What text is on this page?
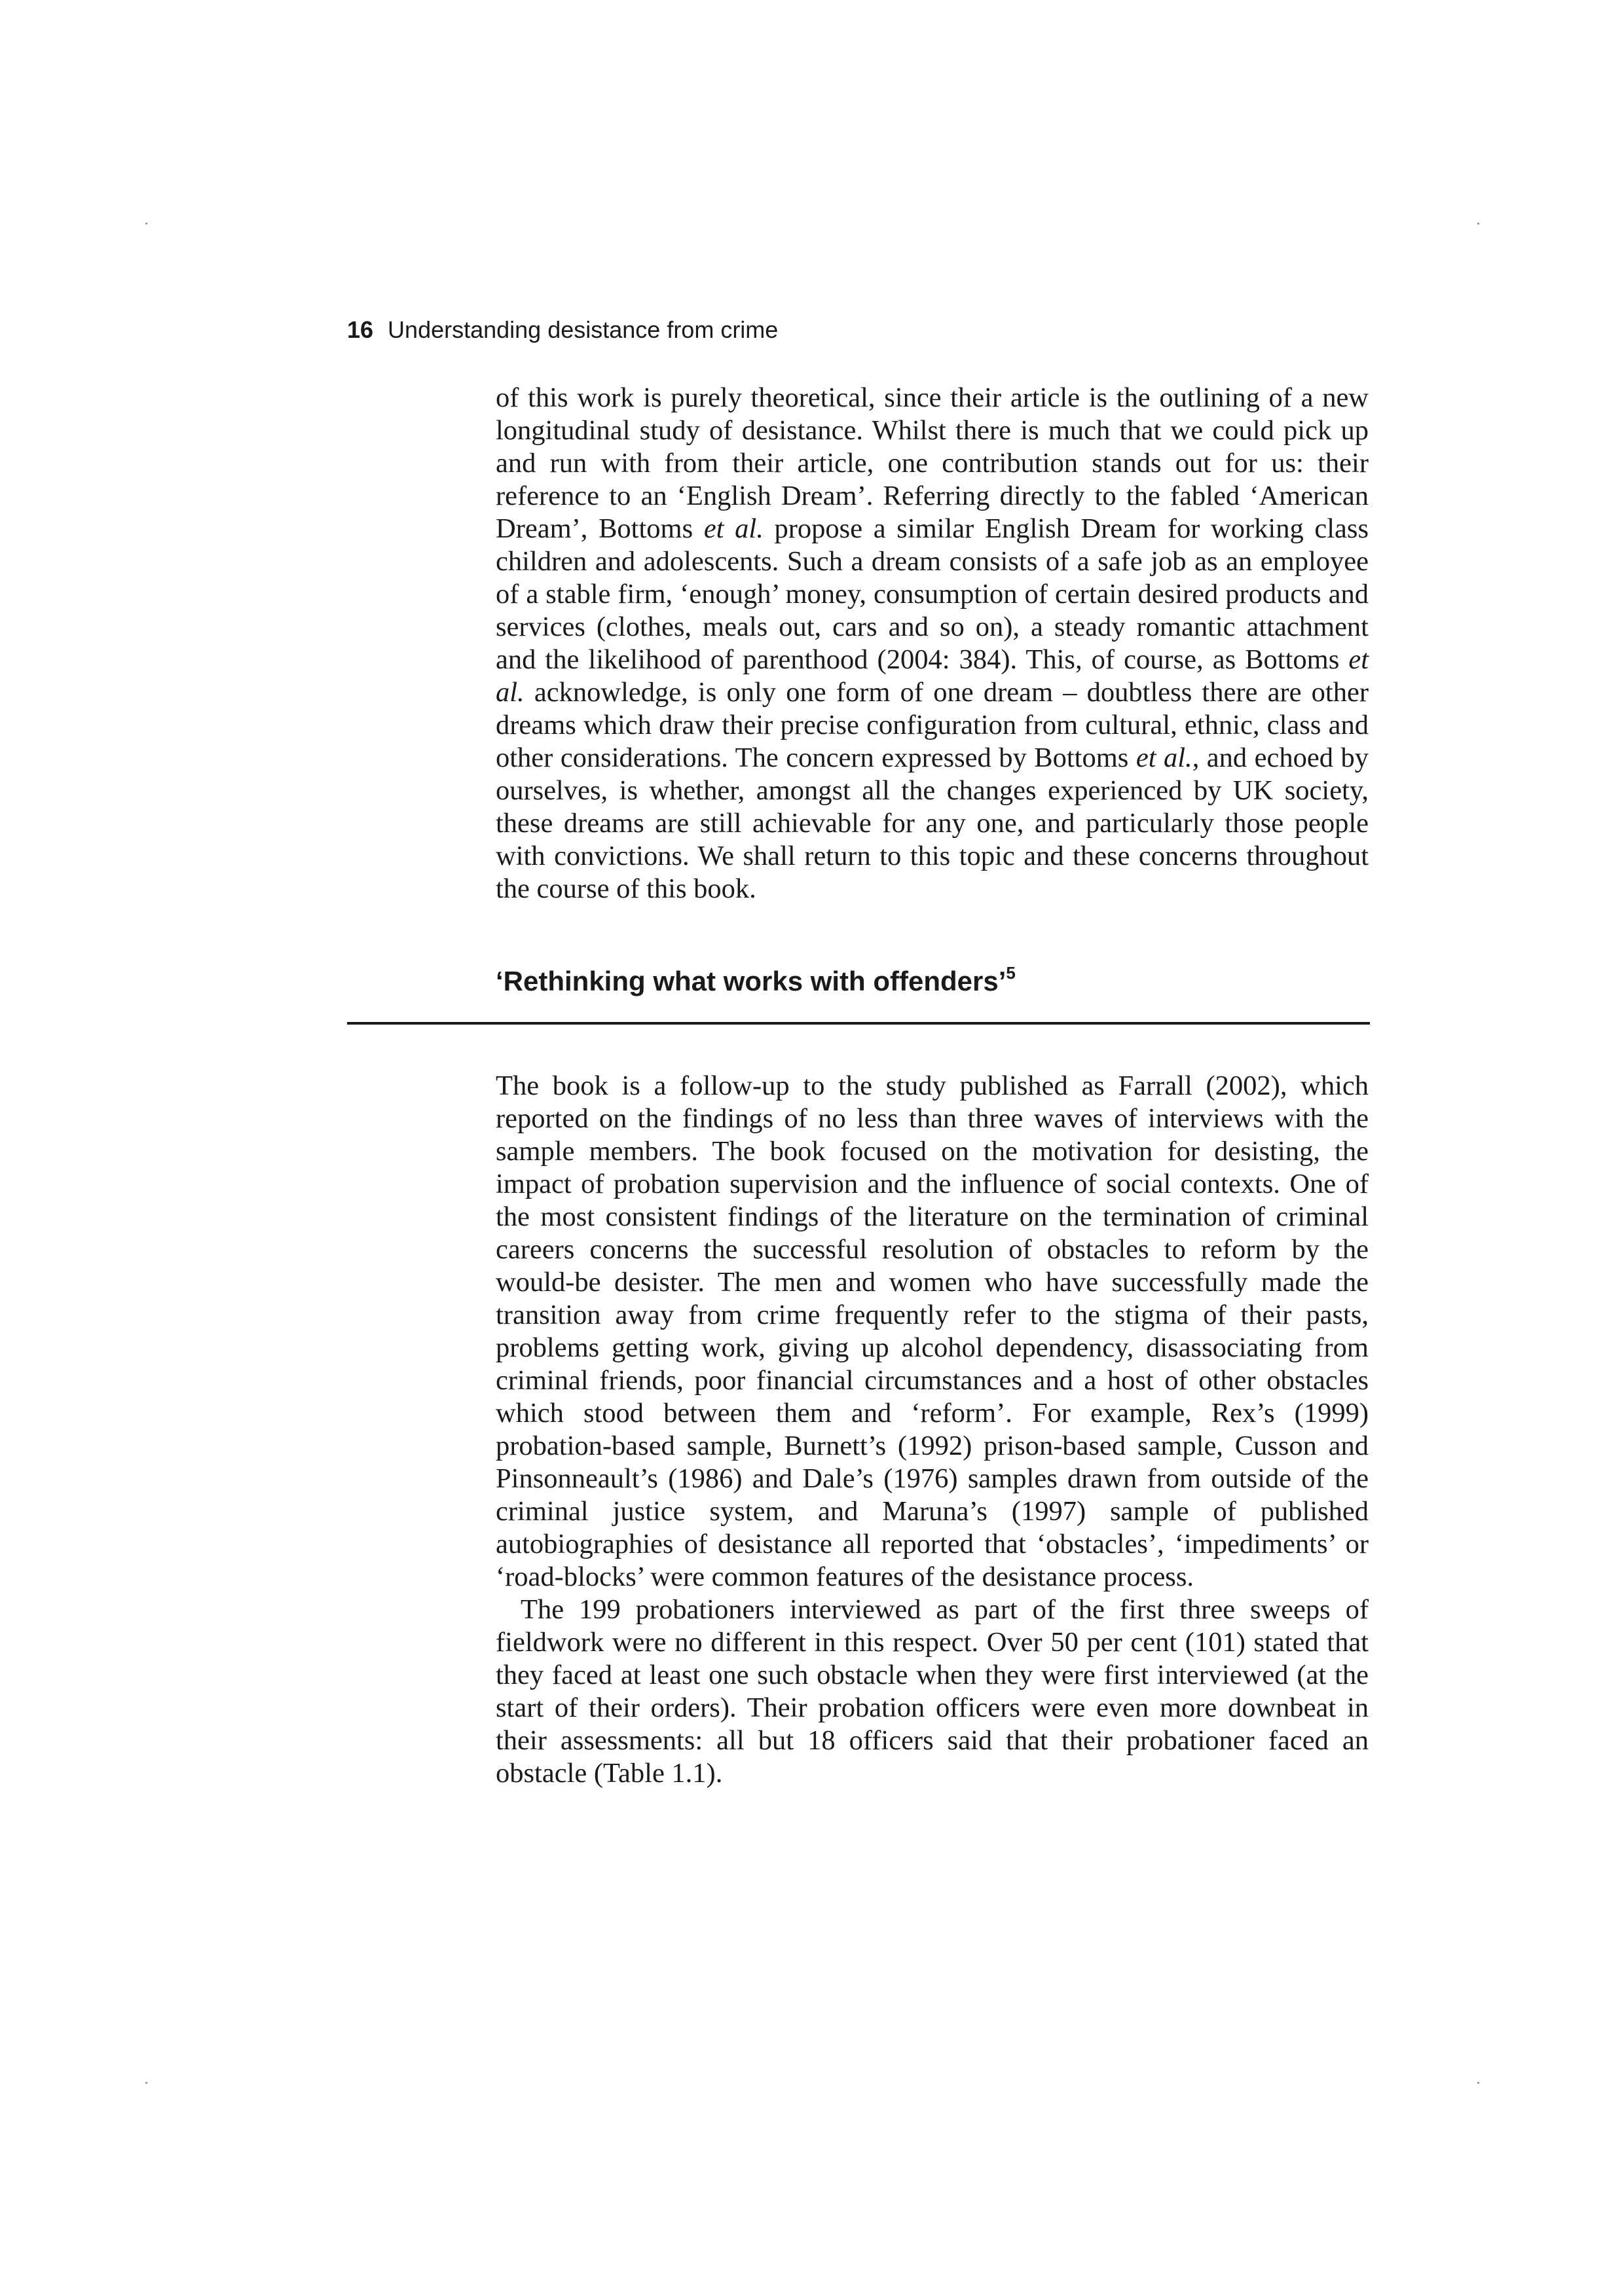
16 Understanding desistance from crime

of this work is purely theoretical, since their article is the outlining of a new longitudinal study of desistance. Whilst there is much that we could pick up and run with from their article, one contribution stands out for us: their reference to an ‘English Dream’. Referring directly to the fabled ‘American Dream’, Bottoms et al. propose a similar English Dream for working class children and adolescents. Such a dream consists of a safe job as an employee of a stable firm, ‘enough’ money, consumption of certain desired products and services (clothes, meals out, cars and so on), a steady romantic attachment and the likelihood of parenthood (2004: 384). This, of course, as Bottoms et al. acknowledge, is only one form of one dream – doubtless there are other dreams which draw their precise configuration from cultural, ethnic, class and other considerations. The concern expressed by Bottoms et al., and echoed by ourselves, is whether, amongst all the changes experienced by UK society, these dreams are still achievable for any one, and particularly those people with convictions. We shall return to this topic and these concerns throughout the course of this book.

‘Rethinking what works with offenders’$^5$

The book is a follow-up to the study published as Farrall (2002), which reported on the findings of no less than three waves of interviews with the sample members. The book focused on the motivation for desisting, the impact of probation supervision and the influence of social contexts. One of the most consistent findings of the literature on the termination of criminal careers concerns the successful resolution of obstacles to reform by the would-be desister. The men and women who have successfully made the transition away from crime frequently refer to the stigma of their pasts, problems getting work, giving up alcohol dependency, disassociating from criminal friends, poor financial circumstances and a host of other obstacles which stood between them and ‘reform’. For example, Rex’s (1999) probation-based sample, Burnett’s (1992) prison-based sample, Cusson and Pinsonneault’s (1986) and Dale’s (1976) samples drawn from outside of the criminal justice system, and Maruna’s (1997) sample of published autobiographies of desistance all reported that ‘obstacles’, ‘impediments’ or ‘road-blocks’ were common features of the desistance process.

The 199 probationers interviewed as part of the first three sweeps of fieldwork were no different in this respect. Over 50 per cent (101) stated that they faced at least one such obstacle when they were first interviewed (at the start of their orders). Their probation officers were even more downbeat in their assessments: all but 18 officers said that their probationer faced an obstacle (Table 1.1).
